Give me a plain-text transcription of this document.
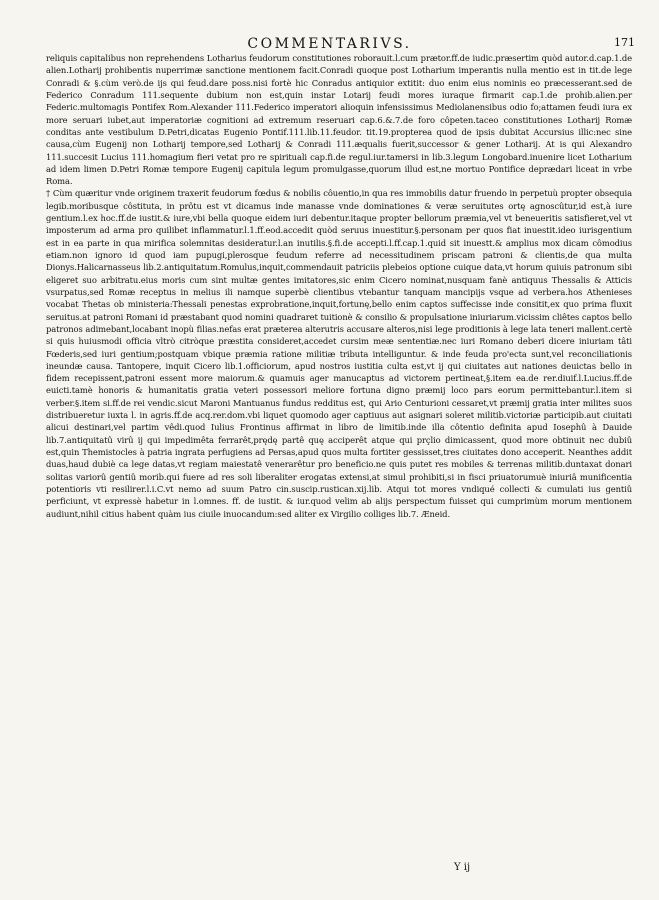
COMMENTARIVS.	171

reliquis capitalibus non reprehendens Lotharius feudorum constitutiones roborauit.l.cum prætor.ff.de iudic.præsertim quòd autor.d.cap.1.de alien.Lotharij prohibentis nuperrimæ sanctione mentionem facit.Conradi quoque post Lotharium imperantis nulla mentio est in tit.de lege Conradi & §.cùm verò.de ijs qui feud.dare poss.nisi fortè hic Conradus antiquior extitit: duo enim eius nominis eo præcesserant.sed de Federico Conradum 111.sequente dubium non est,quin instar Lotarij feudi mores iuraque firmarit cap.1.de prohib.alien.per Federic.multomagis Pontifex Rom.Alexander 111.Federico imperatori alioquin infensissimus Mediolanensibus odio fo;attamen feudi iura ex more seruari iubet,aut imperatoriæ cognitioni ad extremum reseruari cap.6.&.7.de foro côpeten.taceo constitutiones Lotharij Romæ conditas ante vestibulum D.Petri,dicatas Eugenio Pontif.111.lib.11.feudor. tit.19.propterea quod de ipsis dubitat Accursius illic:nec sine causa,cùm Eugenij non Lotharij tempore,sed Lotharij & Conradi 111.æqualis fuerit,successor & gener Lotharij. At is qui Alexandro 111.succesit Lucius 111.homagium fieri vetat pro re spirituali cap.fi.de regul.iur.tamersi in lib.3.legum Longobard.inuenire licet Lotharium ad idem limen D.Petri Romæ tempore Eugenij capitula legum promulgasse,quorum illud est,ne mortuo Pontifice deprædari liceat in vrbe Roma.

† Cùm quæritur vnde originem traxerit feudorum fœdus & nobilis côuentio,in qua res immobilis datur fruendo in perpetuù propter obsequia legib.moribusque côstituta, in prôtu est vt dicamus inde manasse vnde dominationes & veræ seruitutes ortę agnoscûtur,id est,à iure gentium.l.ex hoc.ff.de iustit.& iure,vbi bella quoque eidem iuri debentur.itaque propter bellorum præmia,vel vt beneueritis satisfieret,vel vt imposterum ad arma pro quilibet inflammatur.l.1.ff.eod.accedit quòd seruus inuestitur.§.personam per quos fiat inuestit.ideo iurisgentium est in ea parte in qua mirifica solemnitas desideratur.l.an inutilis.§.fi.de accepti.l.ff.cap.1.quid sit inuestt.& amplius mox dicam cômodius etiam.non ignoro id quod iam pupugi,plerosque feudum referre ad necessitudinem priscam patroni & clientis,de qua multa Dionys.Halicarnasseus lib.2.antiquitatum.Romulus,inquit,commendauit patriciis plebeios optione cuique data,vt horum quiuis patronum sibi eligeret suo arbitratu.eius moris cum sint multæ gentes imitatores,sic enim Cicero nominat,nusquam fanè antiquus Thessalis & Atticis vsurpatus,sed Romæ receptus in melius ili namque superbè clientibus vtebantur tanquam mancipijs vsque ad verbera.hos Athenieses vocabat Thetas ob ministeria:Thessali penestas exprobratione,inquit,fortunę,bello enim captos suffecisse inde consitit,ex quo prima fluxit seruitus.at patroni Romani id præstabant quod nomini quadraret tuitionè & consilio & propulsatione iniuriarum.vicissim cliêtes captos bello patronos adimebant,locabant inopù filias.nefas erat præterea alterutris accusare alteros,nisi lege proditionis à lege lata teneri mallent.certè si quis huiusmodi officia vltrò citròque præstita consideret,accedet cursim meæ sententiæ.nec iuri Romano deberi dicere iniuriam tâti Fœderis,sed iuri gentium;postquam vbique præmia ratione militiæ tributa intelliguntur. & inde feuda pro'ecta sunt,vel reconciliationis ineundæ causa. Tantopere, inquit Cicero lib.1.officiorum, apud nostros iustitia culta est,vt ij qui ciuitates aut nationes deuictas bello in fidem recepissent,patroni essent more maiorum.& quamuis ager manucaptus ad victorem pertineat,§.item ea.de rer.diuif.l.Lucius.ff.de euicti.tamè honoris & humanitatis gratia veteri possessori meliore fortuna digno præmij loco pars eorum permittebantur.l.item si verber.§.item si.ff.de rei vendic.sicut Maroni Mantuanus fundus redditus est, qui Ario Centurioni cessaret,vt præmij gratia inter milites suos distribueretur iuxta l. in agris.ff.de acq.rer.dom.vbi liquet quomodo ager captiuus aut asignari soleret militib.victoriæ participib.aut ciuitati alicui destinari,vel partim vêdi.quod Iulius Frontinus affirmat in libro de limitib.inde illa côtentio definita apud Iosephû à Dauide lib.7.antiquitatû virû ij qui impedimêta ferrarêt,prędę partê quę acciperêt atque qui prçlio dimicassent, quod more obtinuit nec dubiû est,quin Themistocles à patria ingrata perfugiens ad Persas,apud quos multa fortiter gessisset,tres ciuitates dono acceperit. Neanthes addit duas,haud dubiè ca lege datas,vt regiam maiestatê venerarêtur pro beneficio.ne quis putet res mobiles & terrenas militib.duntaxat donari solitas variorû gentiû morib.qui fuere ad res soli liberaliter erogatas extensi,at simul prohibiti,si in fisci priuatorumuè iniuriâ munificentia potentioris vti resilirer.l.i.C.vt nemo ad suum Patro cin.suscip.rustican.xij.lib. Atqui tot mores vndiqué collecti & cumulati ius gentiû perficiunt, vt expressè habetur in l.omnes. ff. de iustit. & iur.quod velim ab alijs perspectum fuisset qui cumprimùm morum mentionem audiunt,nihil citius habent quàm ius ciuile inuocandum:sed aliter ex Virgilio colliges lib.7. Æneid.

Y ij
